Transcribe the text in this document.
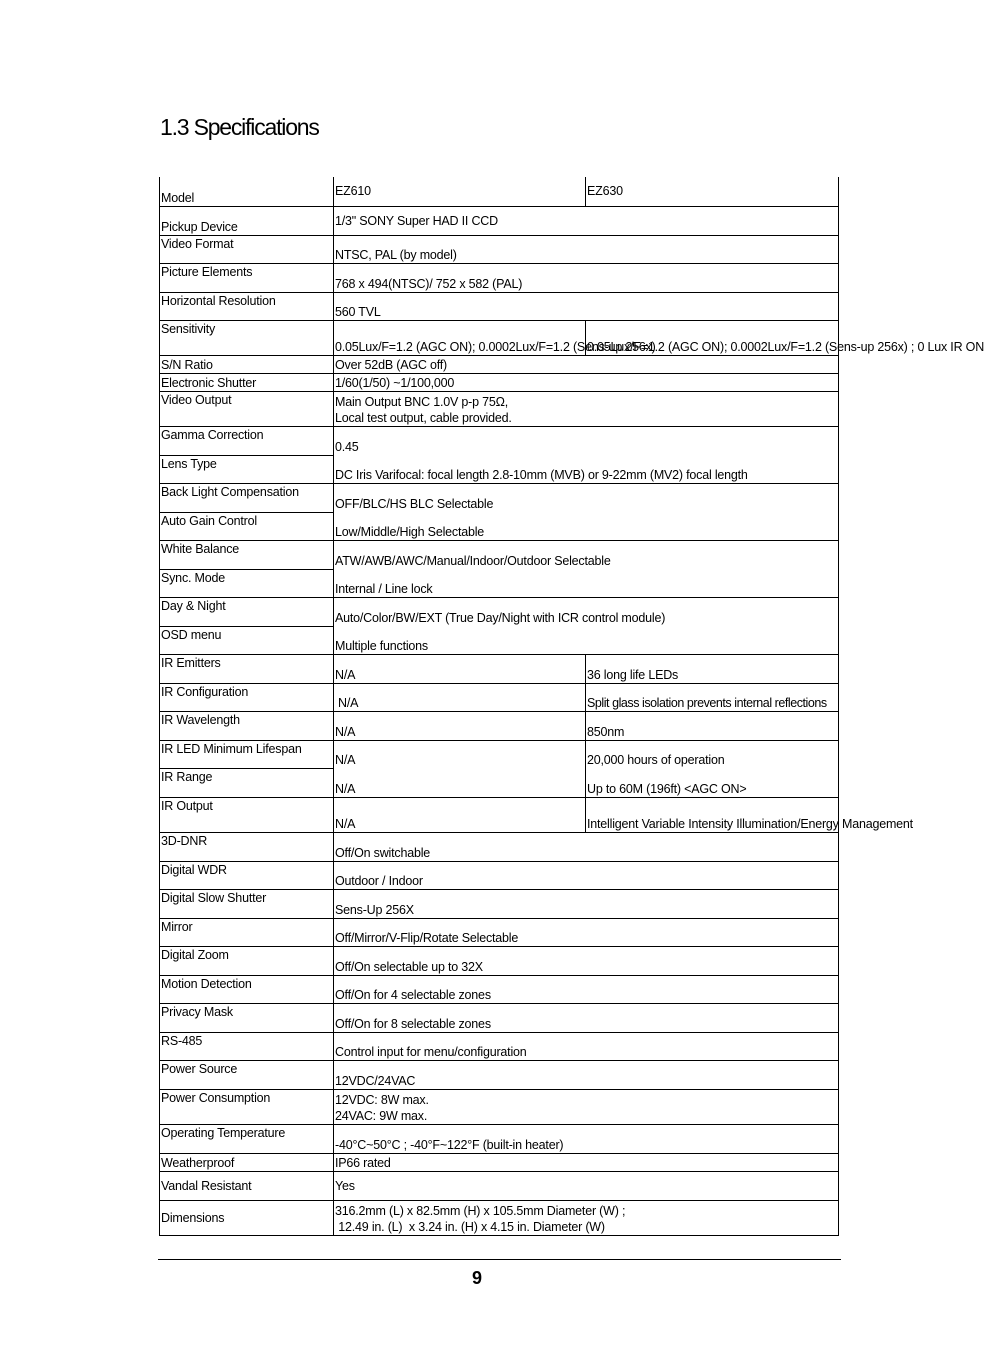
1.3 Specifications
Model	EZ610	EZ630
Pickup Device	1/3" SONY Super HAD II CCD	
Video Format	NTSC, PAL (by model)	
Picture Elements	768 x 494(NTSC)/ 752 x 582 (PAL)	
Horizontal Resolution	560 TVL	
Sensitivity	0.05Lux/F=1.2 (AGC ON); 0.0002Lux/F=1.2 (Sens-up 256x)	0.05Lux/F=1.2 (AGC ON); 0.0002Lux/F=1.2 (Sens-up 256x) ; 0 Lux IR ON
S/N Ratio	Over 52dB (AGC off)	
Electronic Shutter	1/60(1/50) ~1/100,000	
Video Output	Main Output BNC 1.0V p-p 75Ω,
Local test output, cable provided.	

Gamma Correction	0.45	
Lens Type	DC Iris Varifocal: focal length 2.8-10mm (MVB) or 9-22mm (MV2) focal length	
Back Light Compensation	OFF/BLC/HS BLC Selectable	
Auto Gain Control	Low/Middle/High Selectable	
White Balance	ATW/AWB/AWC/Manual/Indoor/Outdoor Selectable	
Sync. Mode	Internal / Line lock	
Day & Night	Auto/Color/BW/EXT (True Day/Night with ICR control module)	
OSD menu	Multiple functions	
IR Emitters	N/A	36 long life LEDs
IR Configuration	N/A	Split glass isolation prevents internal reflections
IR Wavelength	N/A	850nm
IR LED Minimum Lifespan	N/A	20,000 hours of operation
IR Range	N/A	Up to 60M (196ft) <AGC ON>
IR Output	N/A	Intelligent Variable Intensity Illumination/Energy Management
3D-DNR	Off/On switchable	
Digital WDR	Outdoor / Indoor	
Digital Slow Shutter	Sens-Up 256X	
Mirror	Off/Mirror/V-Flip/Rotate Selectable	
Digital Zoom	Off/On selectable up to 32X	
Motion Detection	Off/On for 4 selectable zones	
Privacy Mask	Off/On for 8 selectable zones	
RS-485	Control input for menu/configuration	
Power Source	12VDC/24VAC	
Power Consumption	12VDC: 8W max.
24VAC: 9W max.	

Operating Temperature	-40°C~50°C ; -40°F~122°F (built-in heater)	
Weatherproof	IP66 rated	
Vandal Resistant	Yes	
Dimensions	316.2mm (L) x 82.5mm (H) x 105.5mm Diameter (W) ;
12.49 in. (L)  x 3.24 in. (H) x 4.15 in. Diameter (W)	
9
